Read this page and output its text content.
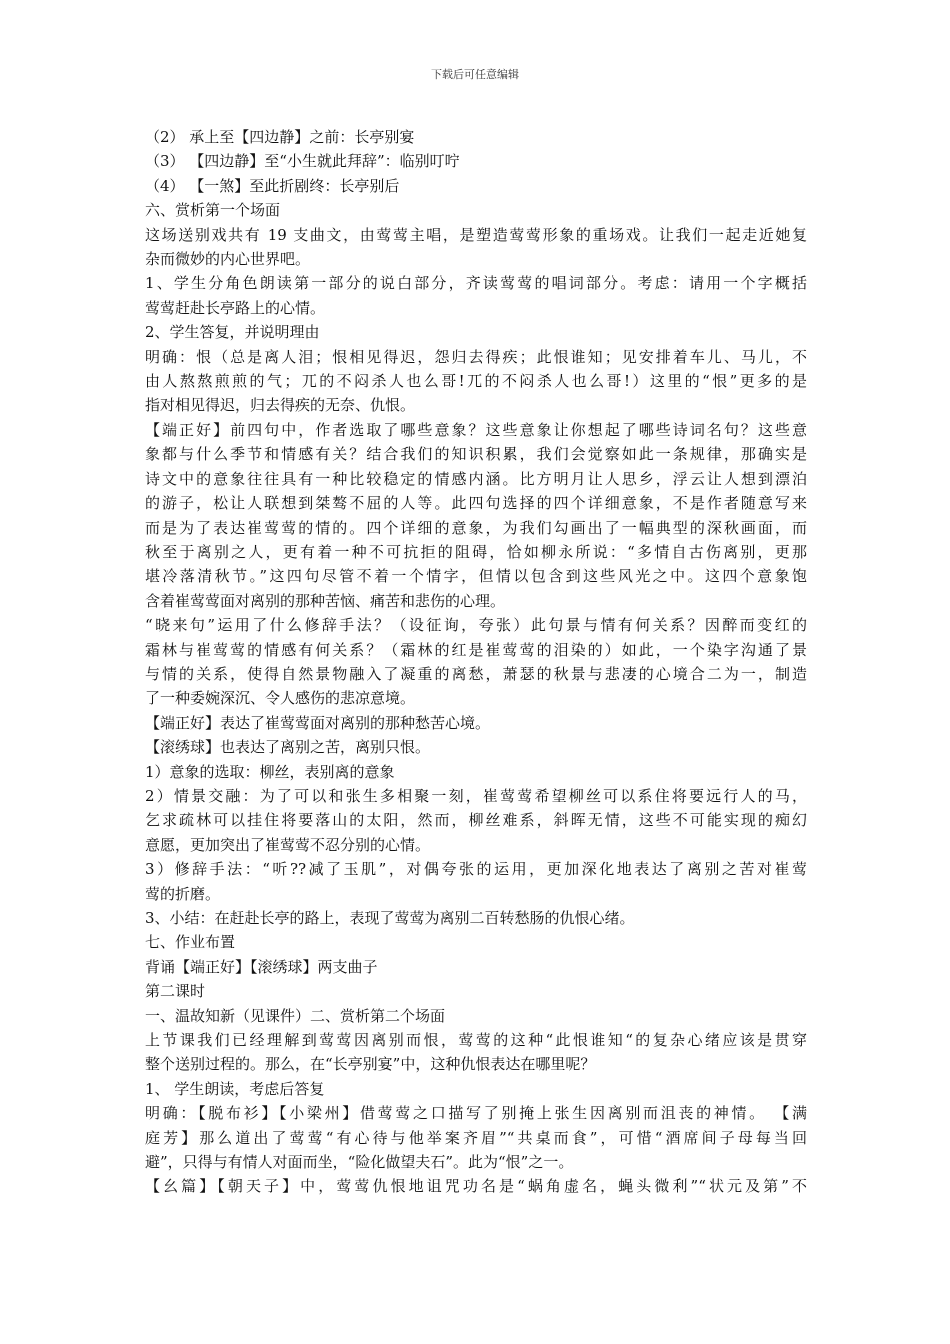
下载后可任意编辑
（2） 承上至【四边静】之前：长亭别宴
（3） 【四边静】至“小生就此拜辞”：临别叮咛
（4） 【一煞】至此折剧终：长亭别后
六、赏析第一个场面
这场送别戏共有 19 支曲文，由莺莺主唱，是塑造莺莺形象的重场戏。让我们一起走近她复
杂而微妙的内心世界吧。
1、学生分角色朗读第一部分的说白部分，齐读莺莺的唱词部分。考虑：请用一个字概括
莺莺赶赴长亭路上的心情。
2、学生答复，并说明理由
明确：恨（总是离人泪；恨相见得迟，怨归去得疾；此恨谁知；见安排着车儿、马儿，不
由人熬熬煎煎的气；兀的不闷杀人也么哥!兀的不闷杀人也么哥!）这里的“恨”更多的是
指对相见得迟，归去得疾的无奈、仇恨。
【端正好】前四句中，作者选取了哪些意象？这些意象让你想起了哪些诗词名句？这些意
象都与什么季节和情感有关？结合我们的知识积累，我们会觉察如此一条规律，那确实是
诗文中的意象往往具有一种比较稳定的情感内涵。比方明月让人思乡，浮云让人想到漂泊
的游子，松让人联想到桀骜不屈的人等。此四句选择的四个详细意象，不是作者随意写来
而是为了表达崔莺莺的情的。四个详细的意象，为我们勾画出了一幅典型的深秋画面，而
秋至于离别之人，更有着一种不可抗拒的阻碍，恰如柳永所说：“多情自古伤离别，更那
堪冷落清秋节。”这四句尽管不着一个情字，但情以包含到这些风光之中。这四个意象饱
含着崔莺莺面对离别的那种苦恼、痛苦和悲伤的心理。
“晓来句”运用了什么修辞手法？（设征询，夸张）此句景与情有何关系？因醉而变红的
霜林与崔莺莺的情感有何关系？（霜林的红是崔莺莺的泪染的）如此，一个染字沟通了景
与情的关系，使得自然景物融入了凝重的离愁，萧瑟的秋景与悲凄的心境合二为一，制造
了一种委婉深沉、令人感伤的悲凉意境。
【端正好】表达了崔莺莺面对离别的那种愁苦心境。
【滚绣球】也表达了离别之苦，离别只恨。
1）意象的选取：柳丝，表别离的意象
2）情景交融：为了可以和张生多相聚一刻，崔莺莺希望柳丝可以系住将要远行人的马，
乞求疏林可以挂住将要落山的太阳，然而，柳丝难系，斜晖无情，这些不可能实现的痴幻
意愿，更加突出了崔莺莺不忍分别的心情。
3）修辞手法：“听??减了玉肌”，对偶夸张的运用，更加深化地表达了离别之苦对崔莺
莺的折磨。
3、小结：在赶赴长亭的路上，表现了莺莺为离别二百转愁肠的仇恨心绪。
七、作业布置
背诵【端正好】【滚绣球】两支曲子
第二课时
一、温故知新（见课件）二、赏析第二个场面
上节课我们已经理解到莺莺因离别而恨，莺莺的这种“此恨谁知“的复杂心绪应该是贯穿
整个送别过程的。那么，在“长亭别宴”中，这种仇恨表达在哪里呢？
1、 学生朗读，考虑后答复
明确：【脱布衫】【小梁州】借莺莺之口描写了别掩上张生因离别而沮丧的神情。 【满
庭芳】那么道出了莺莺“有心待与他举案齐眉”“共桌而食”，可惜“酒席间子母每当回
避”，只得与有情人对面而坐，“险化做望夫石”。此为“恨”之一。
【幺篇】【朝天子】中，莺莺仇恨地诅咒功名是“蜗角虚名，蝇头微利”“状元及第”不
